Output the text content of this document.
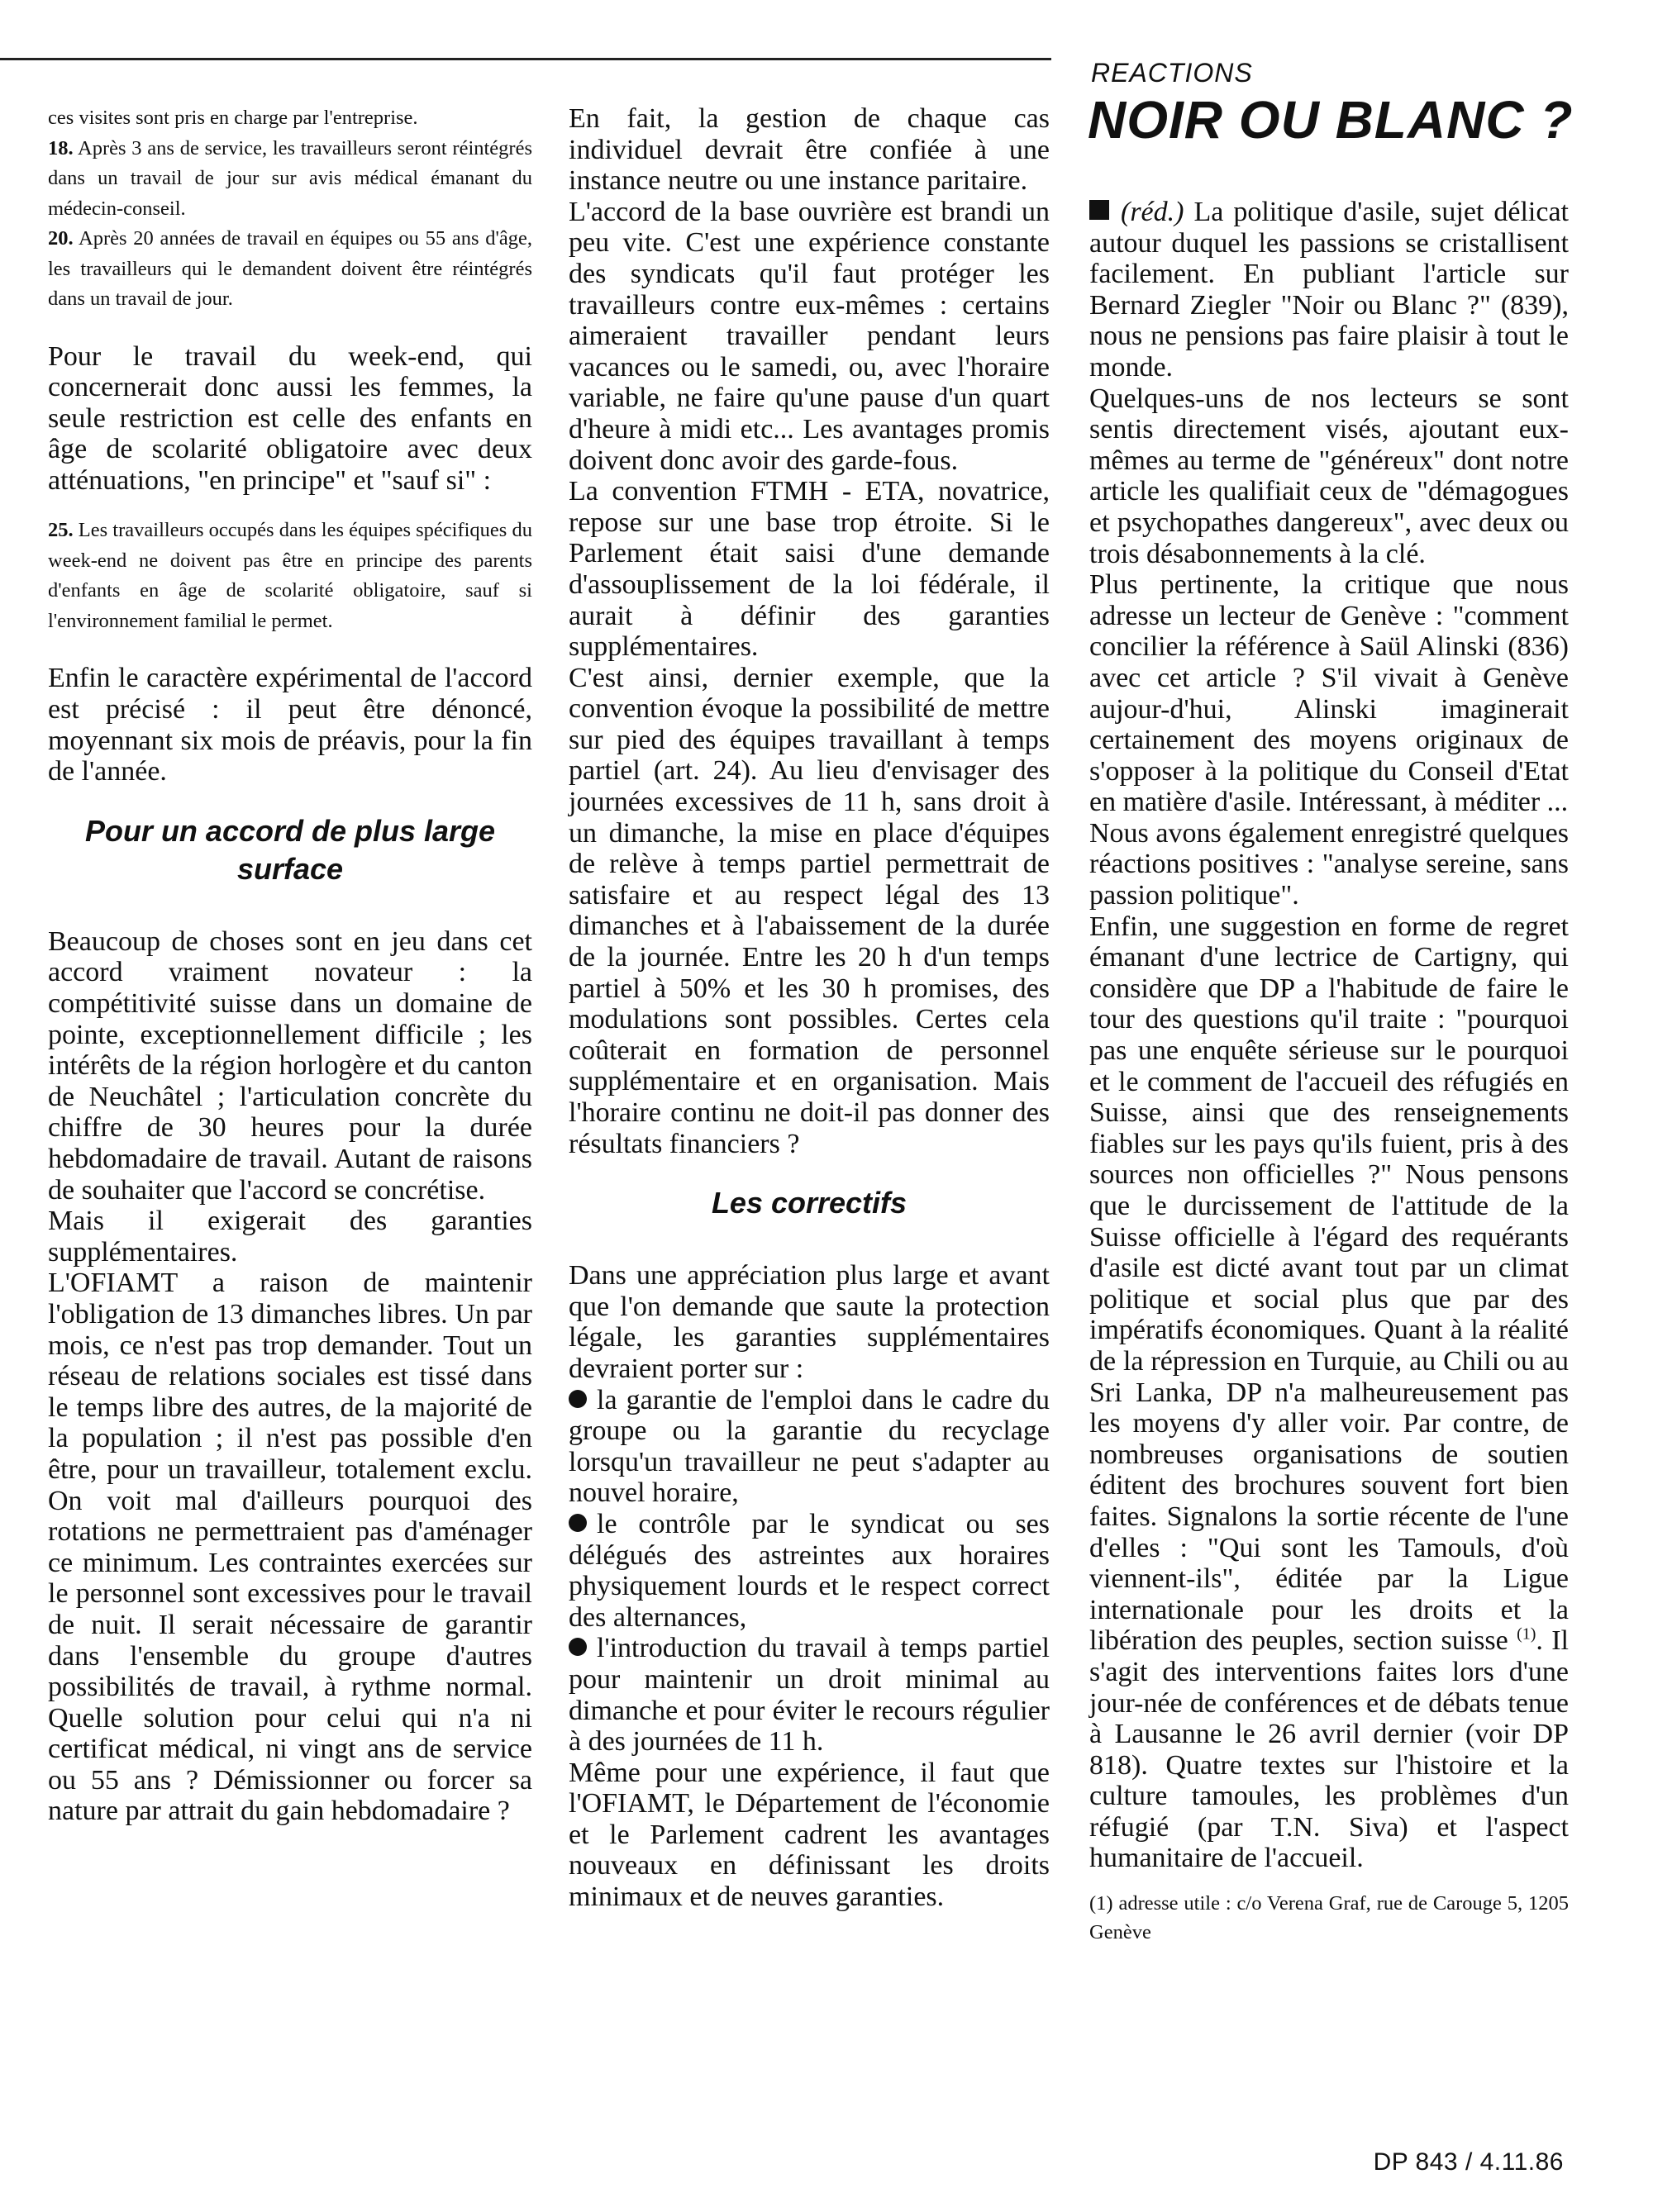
REACTIONS
NOIR OU BLANC ?

ces visites sont pris en charge par l'entreprise.

18. Après 3 ans de service, les travailleurs seront réintégrés dans un travail de jour sur avis médical émanant du médecin-conseil.

20. Après 20 années de travail en équipes ou 55 ans d'âge, les travailleurs qui le demandent doivent être réintégrés dans un travail de jour.

Pour le travail du week-end, qui concernerait donc aussi les femmes, la seule restriction est celle des enfants en âge de scolarité obligatoire avec deux atténuations, "en principe" et "sauf si" :

25. Les travailleurs occupés dans les équipes spécifiques du week-end ne doivent pas être en principe des parents d'enfants en âge de scolarité obligatoire, sauf si l'environnement familial le permet.

Enfin le caractère expérimental de l'accord est précisé : il peut être dénoncé, moyennant six mois de préavis, pour la fin de l'année.

Pour un accord de plus large surface

Beaucoup de choses sont en jeu dans cet accord vraiment novateur : la compétitivité suisse dans un domaine de pointe, exceptionnellement difficile ; les intérêts de la région horlogère et du canton de Neuchâtel ; l'articulation concrète du chiffre de 30 heures pour la durée hebdomadaire de travail. Autant de raisons de souhaiter que l'accord se concrétise.

Mais il exigerait des garanties supplémentaires.

L'OFIAMT a raison de maintenir l'obligation de 13 dimanches libres. Un par mois, ce n'est pas trop demander. Tout un réseau de relations sociales est tissé dans le temps libre des autres, de la majorité de la population ; il n'est pas possible d'en être, pour un travailleur, totalement exclu. On voit mal d'ailleurs pourquoi des rotations ne permettraient pas d'aménager ce minimum. Les contraintes exercées sur le personnel sont excessives pour le travail de nuit. Il serait nécessaire de garantir dans l'ensemble du groupe d'autres possibilités de travail, à rythme normal. Quelle solution pour celui qui n'a ni certificat médical, ni vingt ans de service ou 55 ans ? Démissionner ou forcer sa nature par attrait du gain hebdomadaire ?

En fait, la gestion de chaque cas individuel devrait être confiée à une instance neutre ou une instance paritaire.

L'accord de la base ouvrière est brandi un peu vite. C'est une expérience constante des syndicats qu'il faut protéger les travailleurs contre eux-mêmes : certains aimeraient travailler pendant leurs vacances ou le samedi, ou, avec l'horaire variable, ne faire qu'une pause d'un quart d'heure à midi etc... Les avantages promis doivent donc avoir des garde-fous.

La convention FTMH - ETA, novatrice, repose sur une base trop étroite. Si le Parlement était saisi d'une demande d'assouplissement de la loi fédérale, il aurait à définir des garanties supplémentaires.

C'est ainsi, dernier exemple, que la convention évoque la possibilité de mettre sur pied des équipes travaillant à temps partiel (art. 24). Au lieu d'envisager des journées excessives de 11 h, sans droit à un dimanche, la mise en place d'équipes de relève à temps partiel permettrait de satisfaire et au respect légal des 13 dimanches et à l'abaissement de la durée de la journée. Entre les 20 h d'un temps partiel à 50% et les 30 h promises, des modulations sont possibles. Certes cela coûterait en formation de personnel supplémentaire et en organisation. Mais l'horaire continu ne doit-il pas donner des résultats financiers ?

Les correctifs

Dans une appréciation plus large et avant que l'on demande que saute la protection légale, les garanties supplémentaires devraient porter sur :

la garantie de l'emploi dans le cadre du groupe ou la garantie du recyclage lorsqu'un travailleur ne peut s'adapter au nouvel horaire,

le contrôle par le syndicat ou ses délégués des astreintes aux horaires physiquement lourds et le respect correct des alternances,

l'introduction du travail à temps partiel pour maintenir un droit minimal au dimanche et pour éviter le recours régulier à des journées de 11 h.

Même pour une expérience, il faut que l'OFIAMT, le Département de l'économie et le Parlement cadrent les avantages nouveaux en définissant les droits minimaux et de neuves garanties.

(réd.) La politique d'asile, sujet délicat autour duquel les passions se cristallisent facilement. En publiant l'article sur Bernard Ziegler "Noir ou Blanc ?" (839), nous ne pensions pas faire plaisir à tout le monde.

Quelques-uns de nos lecteurs se sont sentis directement visés, ajoutant eux-mêmes au terme de "généreux" dont notre article les qualifiait ceux de "démagogues et psychopathes dangereux", avec deux ou trois désabonnements à la clé.

Plus pertinente, la critique que nous adresse un lecteur de Genève : "comment concilier la référence à Saül Alinski (836) avec cet article ? S'il vivait à Genève aujour-d'hui, Alinski imaginerait certainement des moyens originaux de s'opposer à la politique du Conseil d'Etat en matière d'asile. Intéressant, à méditer ...

Nous avons également enregistré quelques réactions positives : "analyse sereine, sans passion politique".

Enfin, une suggestion en forme de regret émanant d'une lectrice de Cartigny, qui considère que DP a l'habitude de faire le tour des questions qu'il traite : "pourquoi pas une enquête sérieuse sur le pourquoi et le comment de l'accueil des réfugiés en Suisse, ainsi que des renseignements fiables sur les pays qu'ils fuient, pris à des sources non officielles ?" Nous pensons que le durcissement de l'attitude de la Suisse officielle à l'égard des requérants d'asile est dicté avant tout par un climat politique et social plus que par des impératifs économiques. Quant à la réalité de la répression en Turquie, au Chili ou au Sri Lanka, DP n'a malheureusement pas les moyens d'y aller voir. Par contre, de nombreuses organisations de soutien éditent des brochures souvent fort bien faites. Signalons la sortie récente de l'une d'elles : "Qui sont les Tamouls, d'où viennent-ils", éditée par la Ligue internationale pour les droits et la libération des peuples, section suisse $^{(1)}$. Il s'agit des interventions faites lors d'une jour-née de conférences et de débats tenue à Lausanne le 26 avril dernier (voir DP 818). Quatre textes sur l'histoire et la culture tamoules, les problèmes d'un réfugié (par T.N. Siva) et l'aspect humanitaire de l'accueil.

(1) adresse utile : c/o Verena Graf, rue de Carouge 5, 1205 Genève

DP 843 / 4.11.86
